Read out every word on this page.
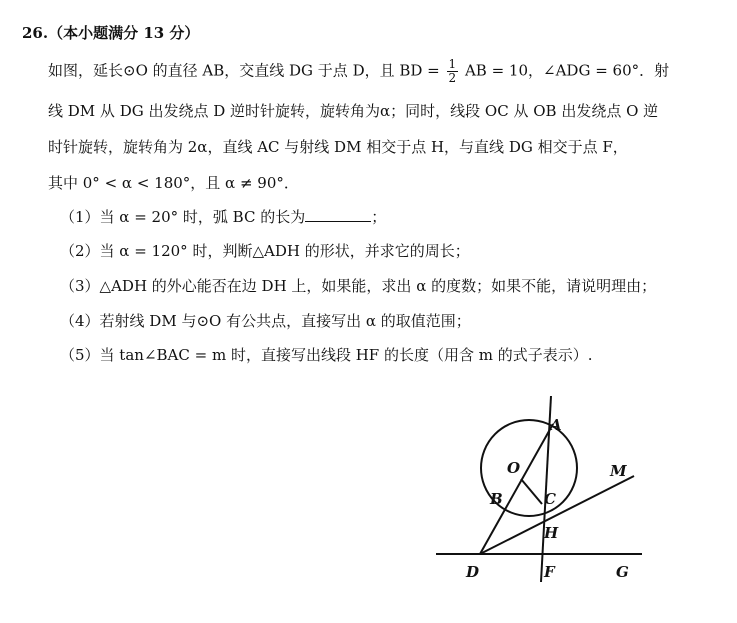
26.（本小题满分 13 分）
如图，延长⊙O 的直径 AB，交直线 DG 于点 D，且 BD = $\frac{1}{2}$ AB = 10，∠ADG = 60°．射
线 DM 从 DG 出发绕点 D 逆时针旋转，旋转角为α；同时，线段 OC 从 OB 出发绕点 O 逆
时针旋转，旋转角为 2α，直线 AC 与射线 DM 相交于点 H，与直线 DG 相交于点 F，
其中 0° < α < 180°，且 α ≠ 90°．
（1）当 α = 20° 时，弧 BC 的长为	；
（2）当 α = 120° 时，判断△ADH 的形状，并求它的周长；
（3）△ADH 的外心能否在边 DH 上，如果能，求出 α 的度数；如果不能，请说明理由；
（4）若射线 DM 与⊙O 有公共点，直接写出 α 的取值范围；
（5）当 tan∠BAC = m 时，直接写出线段 HF 的长度（用含 m 的式子表示）.
A
O
B	C
H
M
D	F	G
